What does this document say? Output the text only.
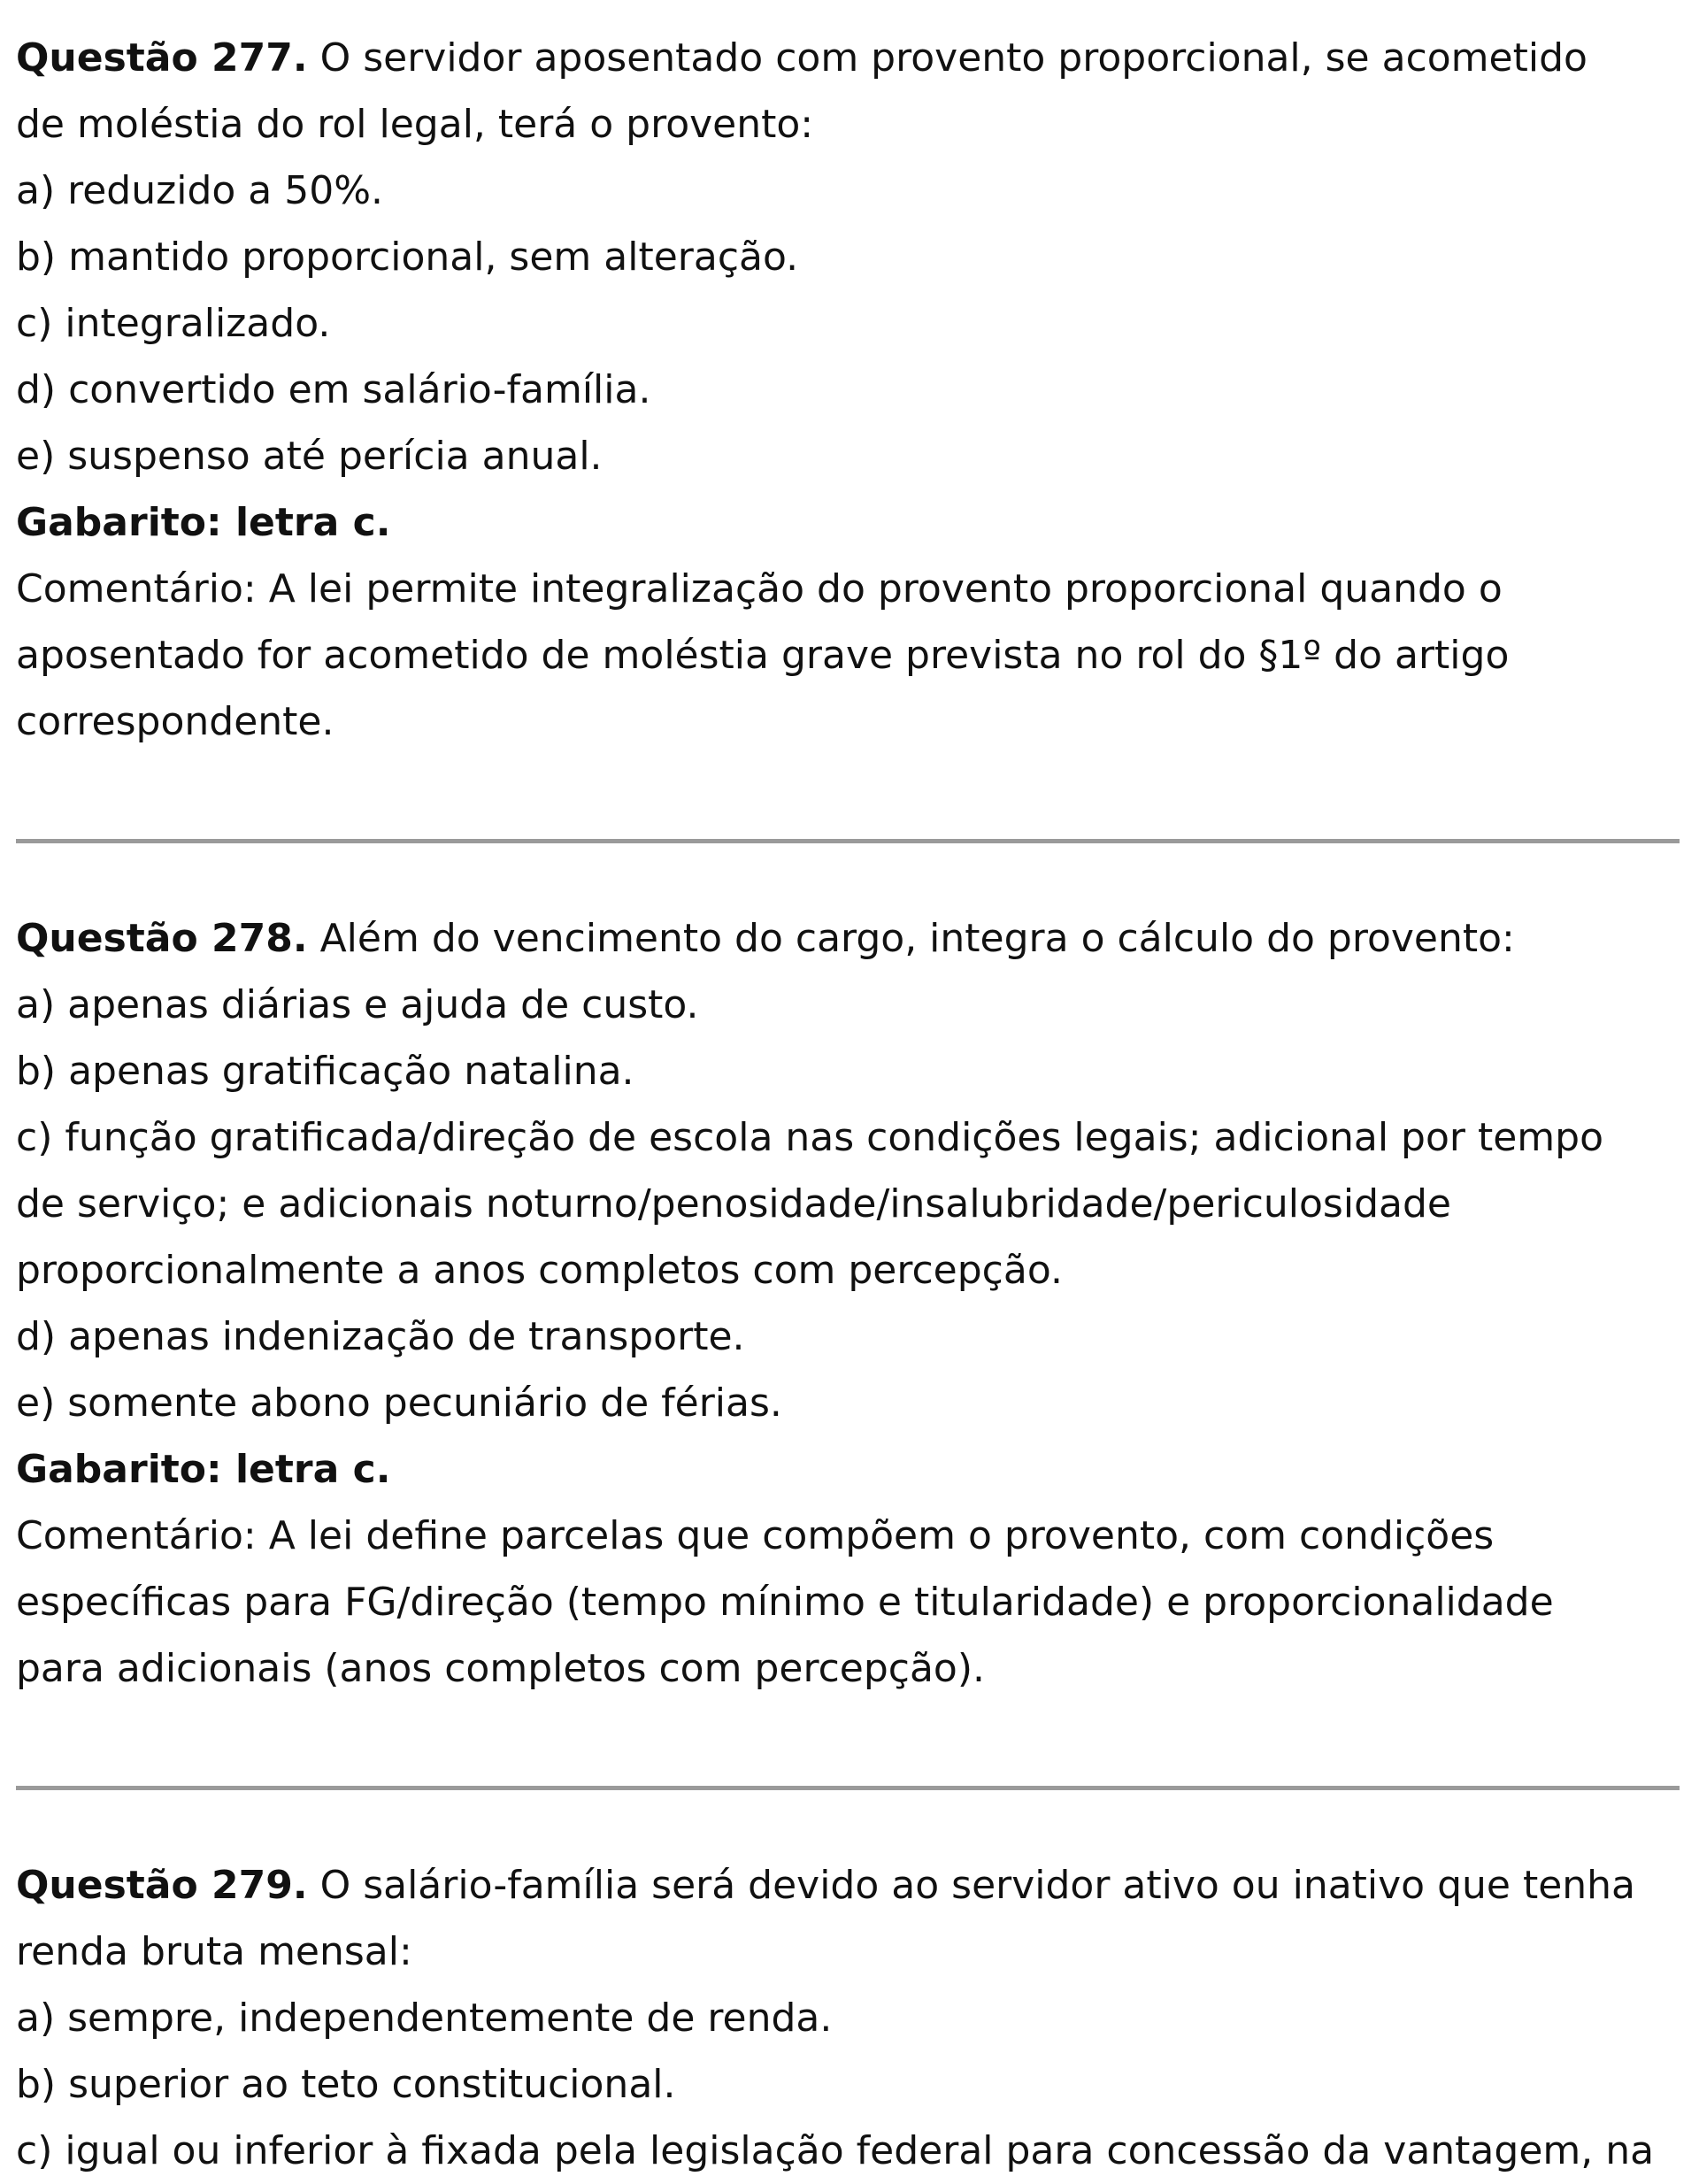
Questão 277. O servidor aposentado com provento proporcional, se acometido

de moléstia do rol legal, terá o provento:

a) reduzido a 50%.

b) mantido proporcional, sem alteração.

c) integralizado.

d) convertido em salário-família.

e) suspenso até perícia anual.

Gabarito: letra c.

Comentário: A lei permite integralização do provento proporcional quando o

aposentado for acometido de moléstia grave prevista no rol do §1º do artigo

correspondente.

Questão 278. Além do vencimento do cargo, integra o cálculo do provento:

a) apenas diárias e ajuda de custo.

b) apenas gratificação natalina.

c) função gratificada/direção de escola nas condições legais; adicional por tempo

de serviço; e adicionais noturno/penosidade/insalubridade/periculosidade

proporcionalmente a anos completos com percepção.

d) apenas indenização de transporte.

e) somente abono pecuniário de férias.

Gabarito: letra c.

Comentário: A lei define parcelas que compõem o provento, com condições

específicas para FG/direção (tempo mínimo e titularidade) e proporcionalidade

para adicionais (anos completos com percepção).

Questão 279. O salário-família será devido ao servidor ativo ou inativo que tenha

renda bruta mensal:

a) sempre, independentemente de renda.

b) superior ao teto constitucional.

c) igual ou inferior à fixada pela legislação federal para concessão da vantagem, na
